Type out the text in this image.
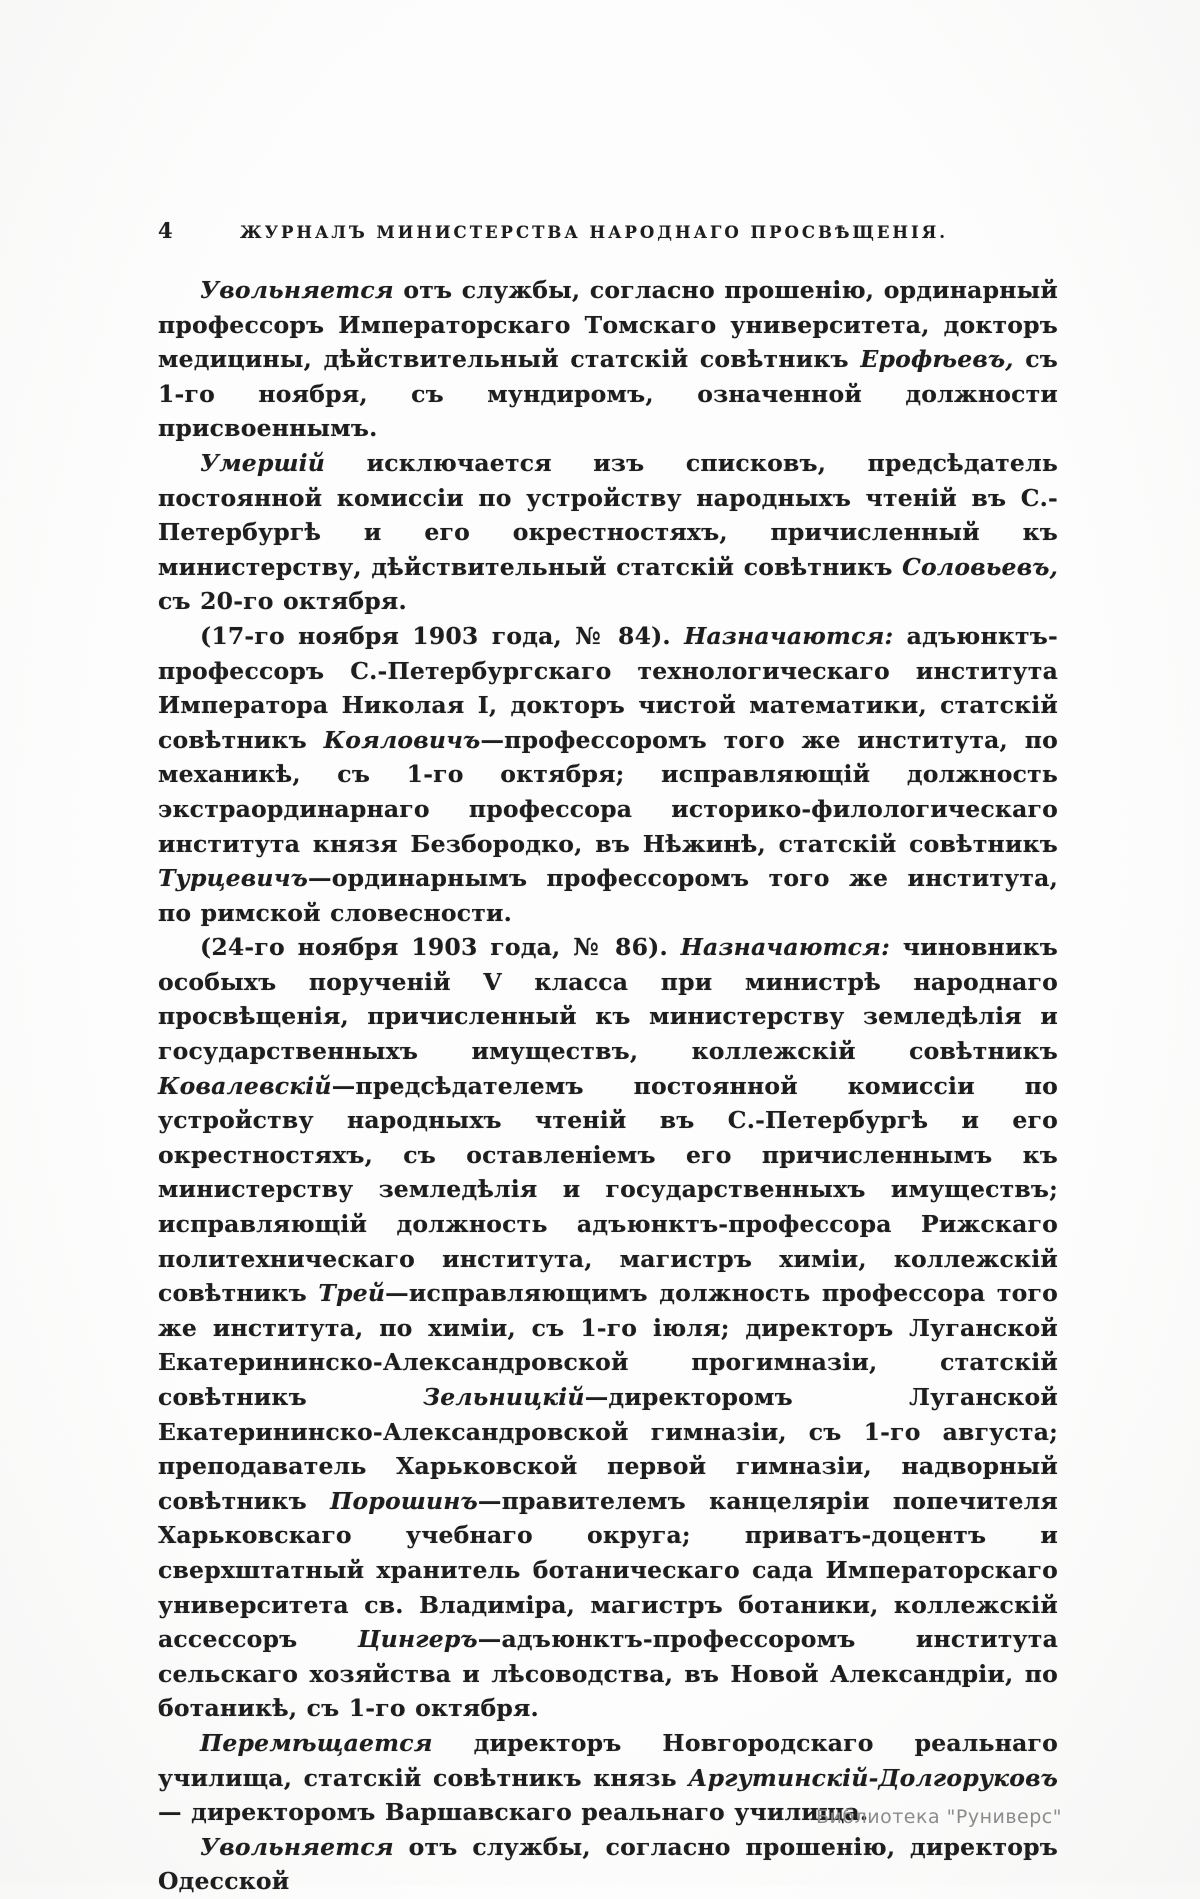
4	ЖУРНАЛЪ МИНИСТЕРСТВА НАРОДНАГО ПРОСВѢЩЕНІЯ.

Увольняется отъ службы, согласно прошенію, ординарный профессоръ Императорскаго Томскаго университета, докторъ медицины, дѣйствительный статскій совѣтникъ Ерофѣевъ, съ 1-го ноября, съ мундиромъ, означенной должности присвоеннымъ.

Умершій исключается изъ списковъ, предсѣдатель постоянной комиссіи по устройству народныхъ чтеній въ С.-Петербургѣ и его окрестностяхъ, причисленный къ министерству, дѣйствительный статскій совѣтникъ Соловьевъ, съ 20-го октября.

(17-го ноября 1903 года, № 84). Назначаются: адъюнктъ-профессоръ С.-Петербургскаго технологическаго института Императора Николая I, докторъ чистой математики, статскій совѣтникъ Кояловичъ—профессоромъ того же института, по механикѣ, съ 1-го октября; исправляющій должность экстраординарнаго профессора историко-филологическаго института князя Безбородко, въ Нѣжинѣ, статскій совѣтникъ Турцевичъ—ординарнымъ профессоромъ того же института, по римской словесности.

(24-го ноября 1903 года, № 86). Назначаются: чиновникъ особыхъ порученій V класса при министрѣ народнаго просвѣщенія, причисленный къ министерству земледѣлія и государственныхъ имуществъ, коллежскій совѣтникъ Ковалевскій—предсѣдателемъ постоянной комиссіи по устройству народныхъ чтеній въ С.-Петербургѣ и его окрестностяхъ, съ оставленіемъ его причисленнымъ къ министерству земледѣлія и государственныхъ имуществъ; исправляющій должность адъюнктъ-профессора Рижскаго политехническаго института, магистръ химіи, коллежскій совѣтникъ Трей—исправляющимъ должность профессора того же института, по химіи, съ 1-го іюля; директоръ Луганской Екатерининско-Александровской прогимназіи, статскій совѣтникъ Зельницкій—директоромъ Луганской Екатерининско-Александровской гимназіи, съ 1-го августа; преподаватель Харьковской первой гимназіи, надворный совѣтникъ Порошинъ—правителемъ канцеляріи попечителя Харьковскаго учебнаго округа; приватъ-доцентъ и сверхштатный хранитель ботаническаго сада Императорскаго университета св. Владиміра, магистръ ботаники, коллежскій ассессоръ Цингеръ—адъюнктъ-профессоромъ института сельскаго хозяйства и лѣсоводства, въ Новой Александріи, по ботаникѣ, съ 1-го октября.

Перемѣщается директоръ Новгородскаго реальнаго училища, статскій совѣтникъ князь Аргутинскій-Долгоруковъ — директоромъ Варшавскаго реальнаго училища.

Увольняется отъ службы, согласно прошенію, директоръ Одесской

Библиотека "Руниверс"
